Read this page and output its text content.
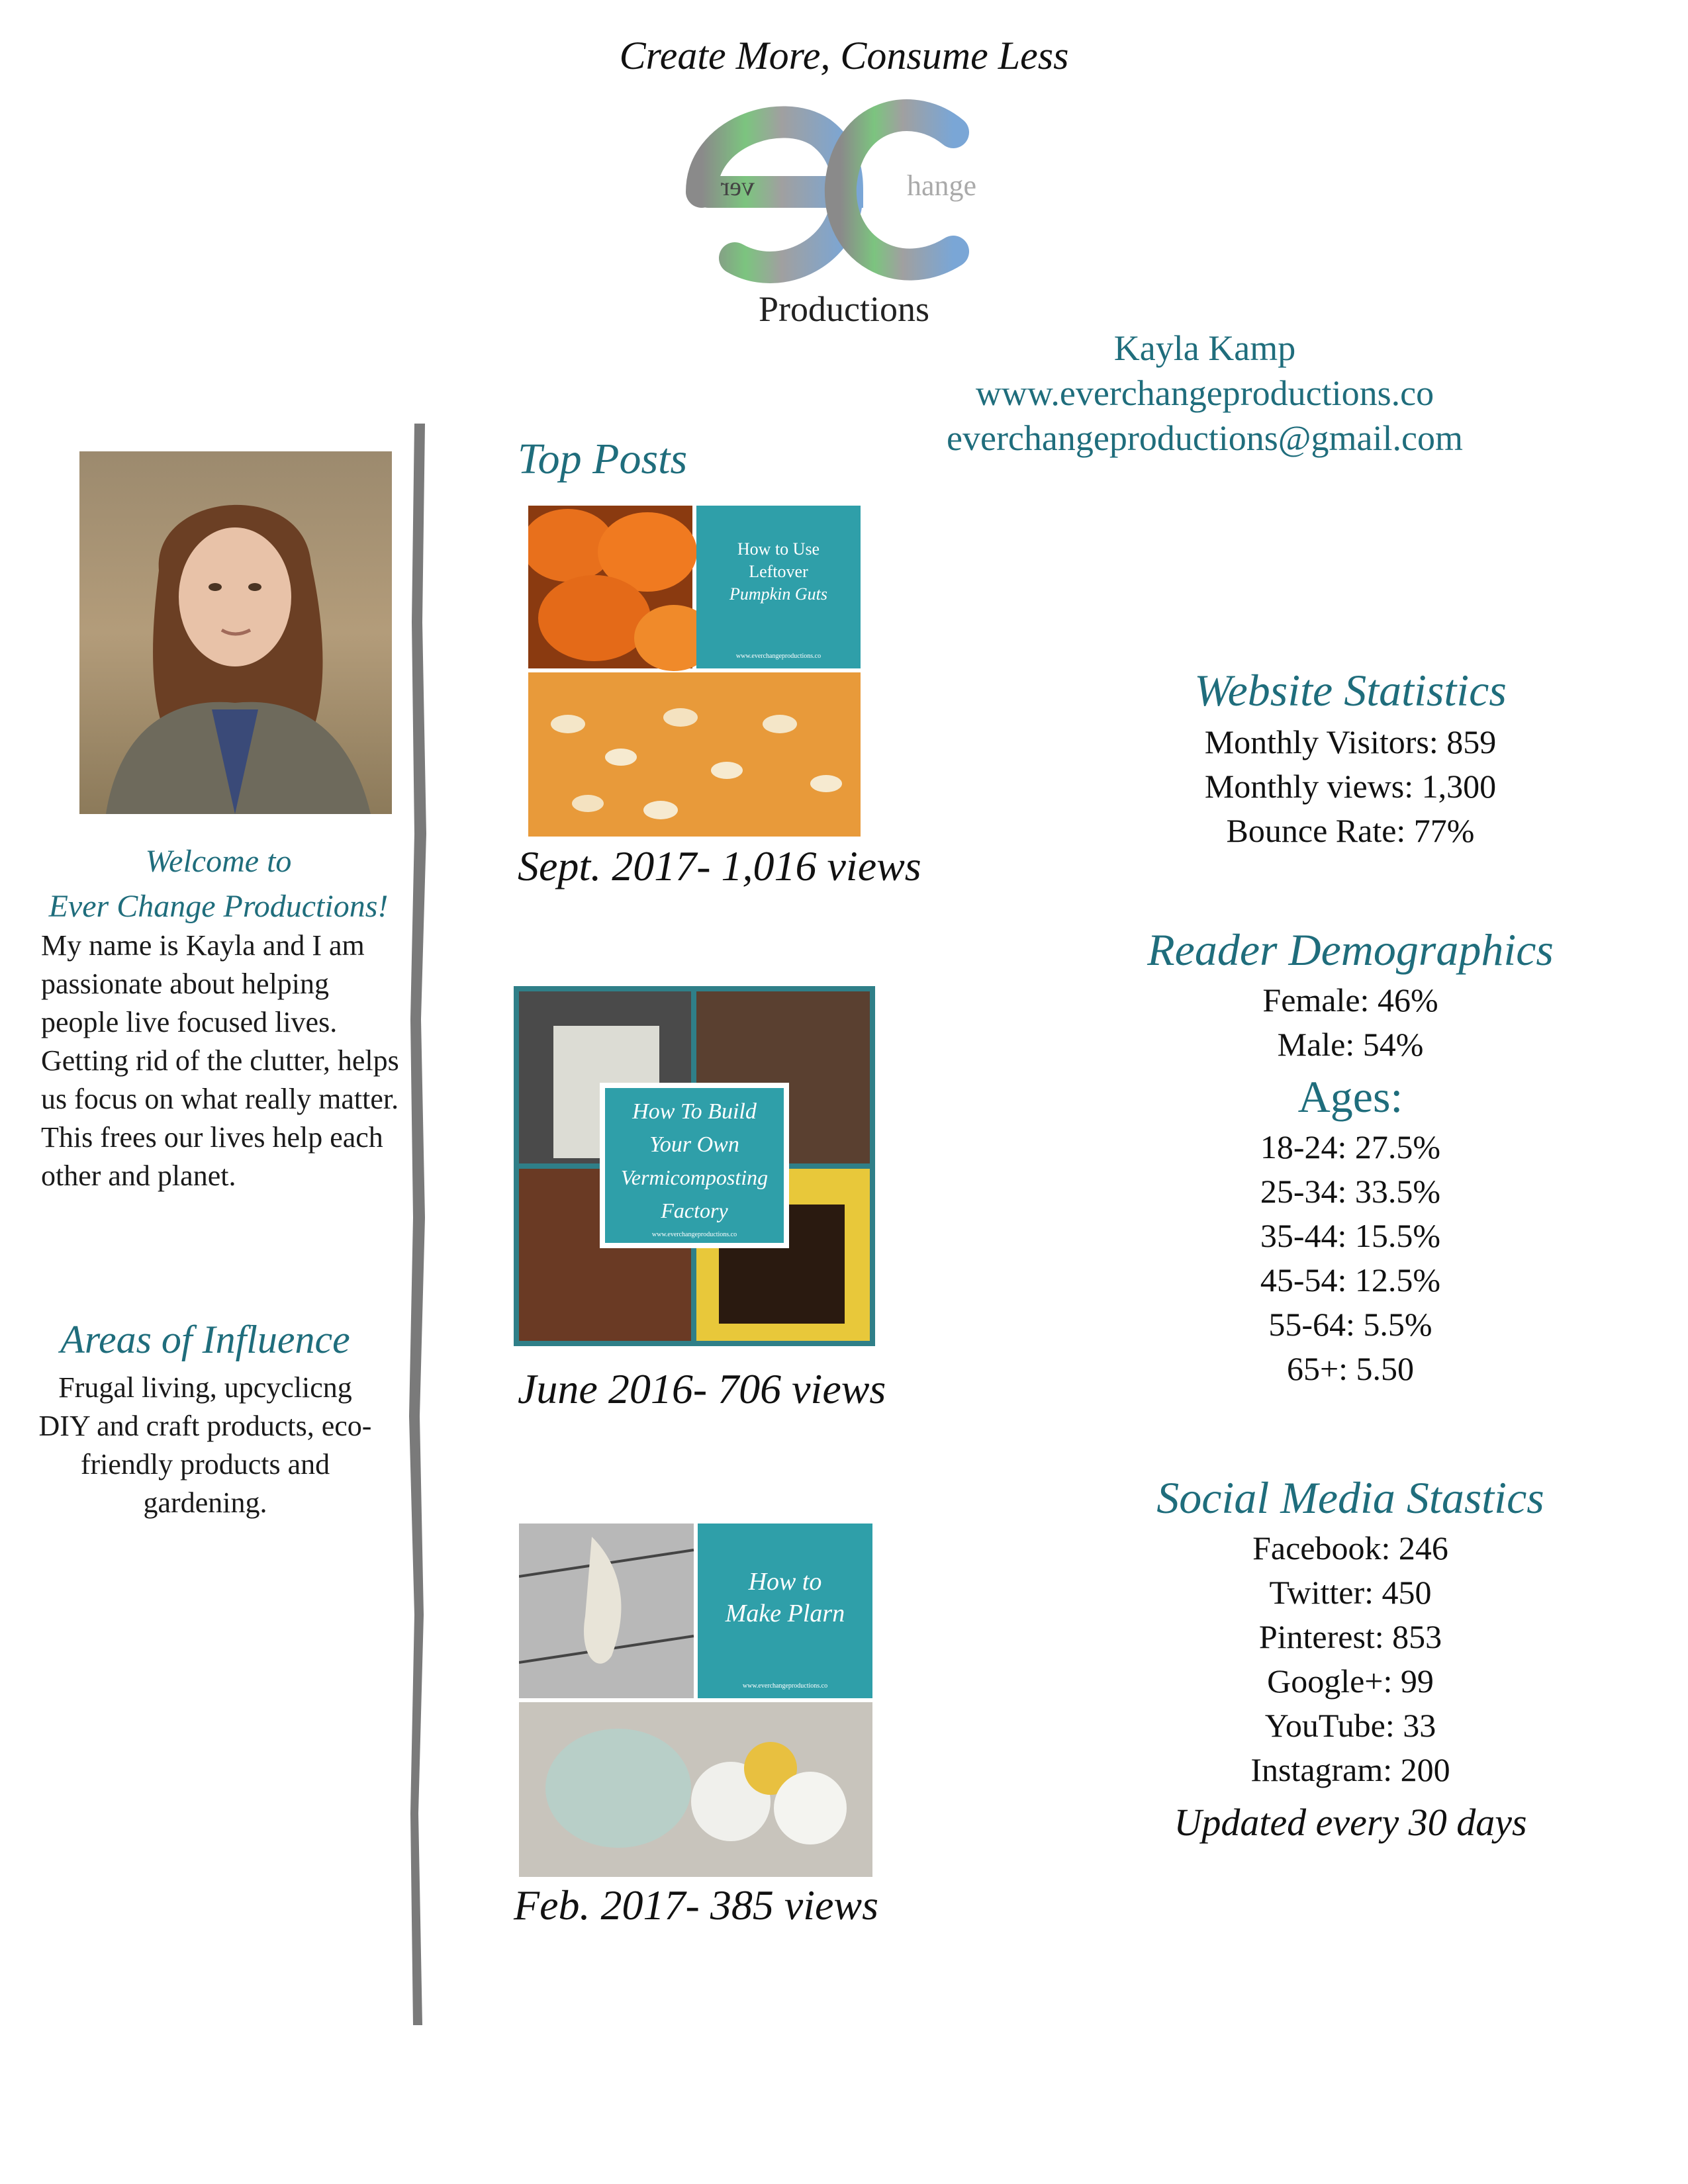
Create More, Consume Less
ver	hange
Productions
Kayla Kamp
www.everchangeproductions.co
everchangeproductions@gmail.com
Welcome to
Ever Change Productions!
My name is Kayla and I am passionate about helping people live focused lives. Getting rid of the clutter, helps us focus on what really matter. This frees our lives help each other and planet.
Areas of Influence
Frugal living, upcyclicng DIY and craft products, eco-friendly products and gardening.
Top Posts
How to Use
Leftover
Pumpkin Guts
www.everchangeproductions.co
Sept. 2017- 1,016 views
How To Build
Your Own
Vermicomposting
Factory
www.everchangeproductions.co
June 2016- 706 views
How to
Make Plarn
www.everchangeproductions.co
Feb. 2017- 385 views
Website Statistics
Monthly Visitors: 859
Monthly views: 1,300
Bounce Rate: 77%
Reader Demographics
Female: 46%
Male: 54%
Ages:
18-24: 27.5%
25-34: 33.5%
35-44: 15.5%
45-54: 12.5%
55-64: 5.5%
65+: 5.50
Social Media Stastics
Facebook: 246
Twitter: 450
Pinterest: 853
Google+: 99
YouTube: 33
Instagram: 200
Updated every 30 days
